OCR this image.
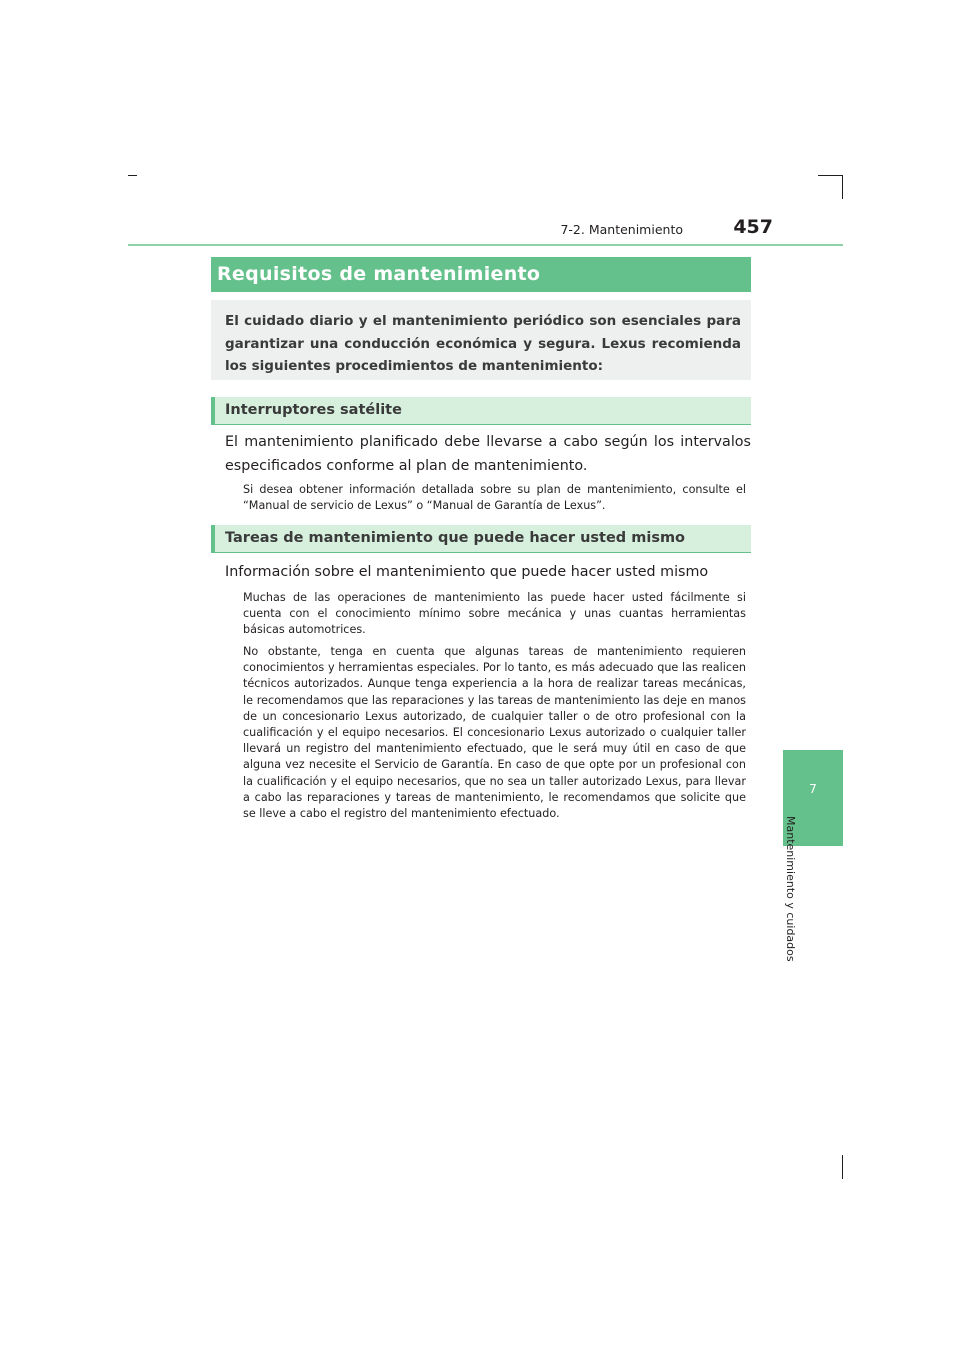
7-2. Mantenimiento	457
7
Mantenimiento y cuidados
Requisitos de mantenimiento
El cuidado diario y el mantenimiento periódico son esenciales para garantizar una conducción económica y segura. Lexus recomienda los siguientes procedimientos de mantenimiento:
Interruptores satélite
El mantenimiento planificado debe llevarse a cabo según los intervalos especificados conforme al plan de mantenimiento.

Si desea obtener información detallada sobre su plan de mantenimiento, consulte el “Manual de servicio de Lexus” o “Manual de Garantía de Lexus”.

Tareas de mantenimiento que puede hacer usted mismo
Información sobre el mantenimiento que puede hacer usted mismo

Muchas de las operaciones de mantenimiento las puede hacer usted fácilmente si cuenta con el conocimiento mínimo sobre mecánica y unas cuantas herramientas básicas automotrices.

No obstante, tenga en cuenta que algunas tareas de mantenimiento requieren conocimientos y herramientas especiales. Por lo tanto, es más adecuado que las realicen técnicos autorizados. Aunque tenga experiencia a la hora de realizar tareas mecánicas, le recomendamos que las reparaciones y las tareas de mantenimiento las deje en manos de un concesionario Lexus autorizado, de cualquier taller o de otro profesional con la cualificación y el equipo necesarios. El concesionario Lexus autorizado o cualquier taller llevará un registro del mantenimiento efectuado, que le será muy útil en caso de que alguna vez necesite el Servicio de Garantía. En caso de que opte por un profesional con la cualificación y el equipo necesarios, que no sea un taller autorizado Lexus, para llevar a cabo las reparaciones y tareas de mantenimiento, le recomendamos que solicite que se lleve a cabo el registro del mantenimiento efectuado.
